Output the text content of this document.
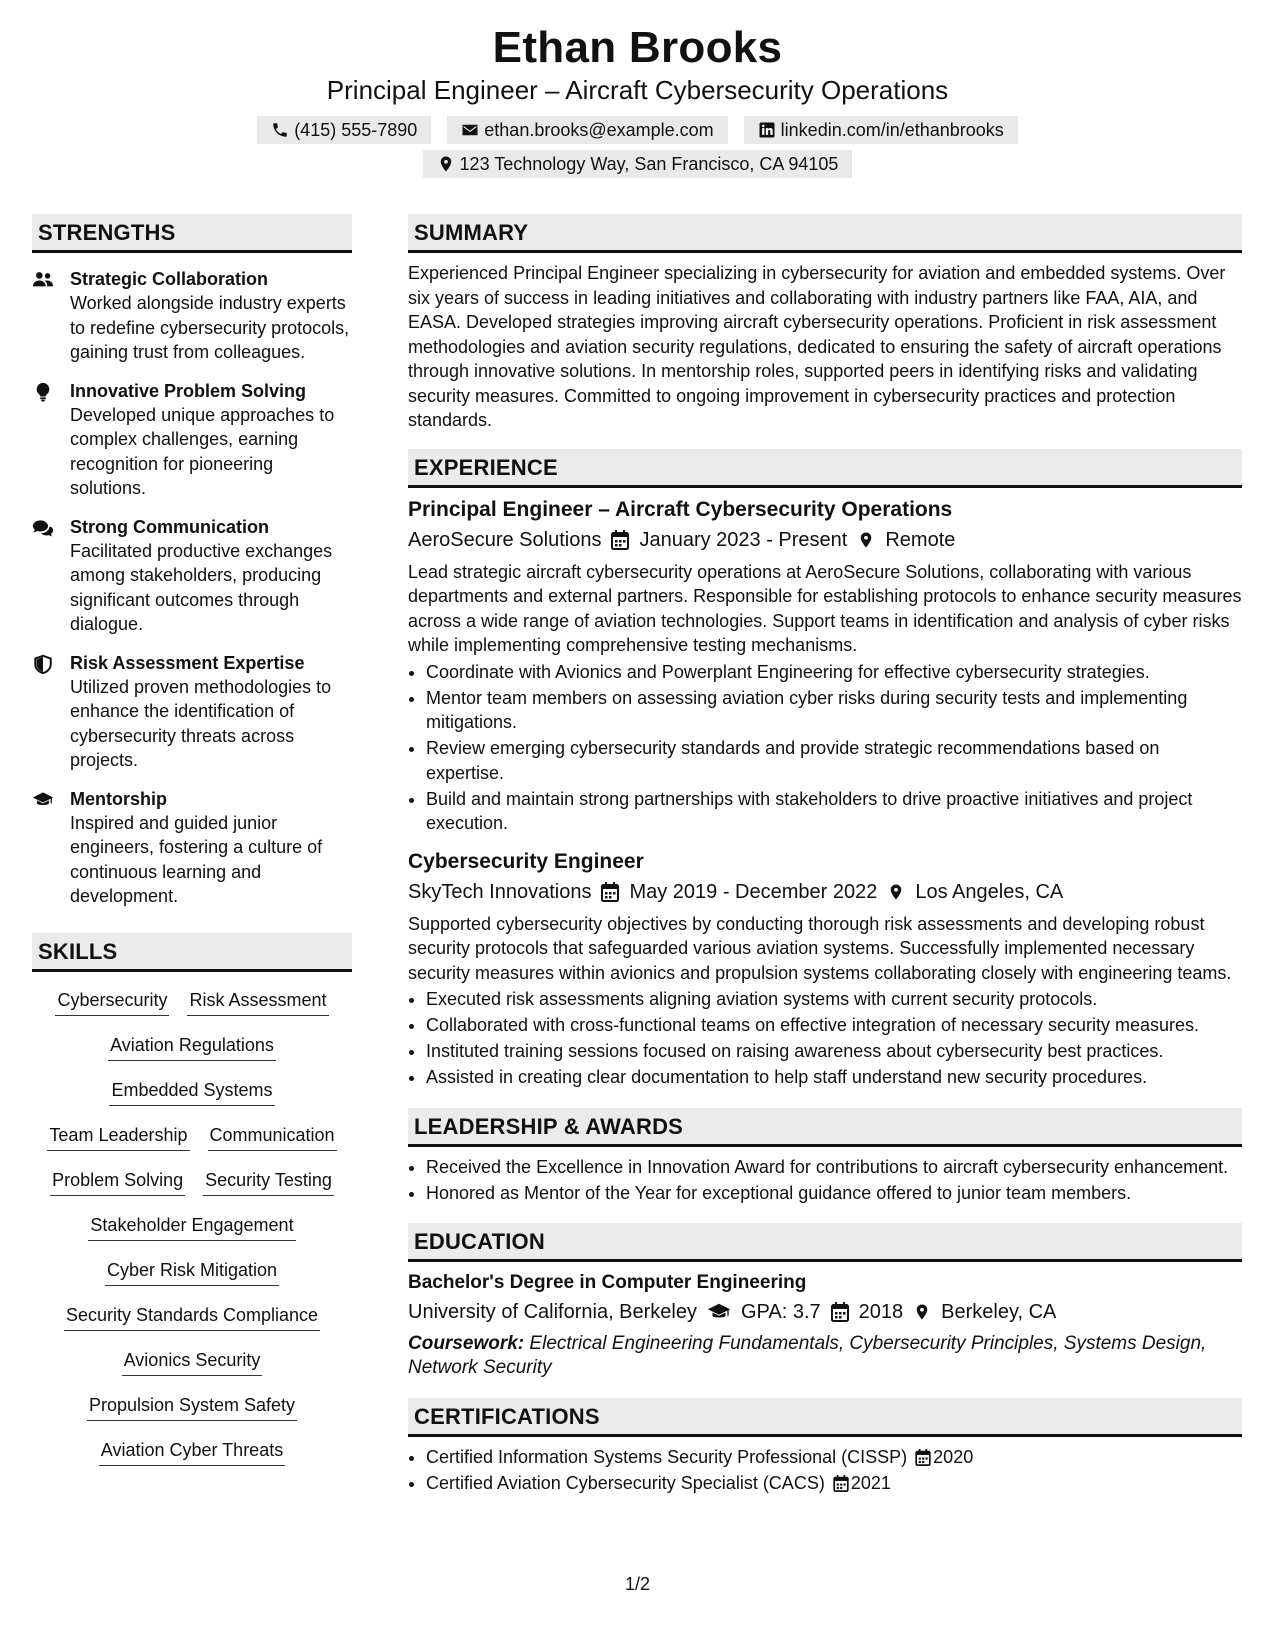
Ethan Brooks
Principal Engineer – Aircraft Cybersecurity Operations
(415) 555-7890	ethan.brooks@example.com	linkedin.com/in/ethanbrooks
123 Technology Way, San Francisco, CA 94105
STRENGTHS
Strategic Collaboration
Worked alongside industry experts to redefine cybersecurity protocols, gaining trust from colleagues.
Innovative Problem Solving
Developed unique approaches to complex challenges, earning recognition for pioneering solutions.
Strong Communication
Facilitated productive exchanges among stakeholders, producing significant outcomes through dialogue.
Risk Assessment Expertise
Utilized proven methodologies to enhance the identification of cybersecurity threats across projects.
Mentorship
Inspired and guided junior engineers, fostering a culture of continuous learning and development.
SKILLS
Cybersecurity Risk Assessment
Aviation Regulations
Embedded Systems
Team Leadership Communication
Problem Solving Security Testing
Stakeholder Engagement
Cyber Risk Mitigation
Security Standards Compliance
Avionics Security
Propulsion System Safety
Aviation Cyber Threats
SUMMARY

Experienced Principal Engineer specializing in cybersecurity for aviation and embedded systems. Over six years of success in leading initiatives and collaborating with industry partners like FAA, AIA, and EASA. Developed strategies improving aircraft cybersecurity operations. Proficient in risk assessment methodologies and aviation security regulations, dedicated to ensuring the safety of aircraft operations through innovative solutions. In mentorship roles, supported peers in identifying risks and validating security measures. Committed to ongoing improvement in cybersecurity practices and protection standards.

EXPERIENCE
Principal Engineer – Aircraft Cybersecurity Operations
AeroSecure Solutions January 2023 - Present Remote

Lead strategic aircraft cybersecurity operations at AeroSecure Solutions, collaborating with various departments and external partners. Responsible for establishing protocols to enhance security measures across a wide range of aviation technologies. Support teams in identification and analysis of cyber risks while implementing comprehensive testing mechanisms.

• Coordinate with Avionics and Powerplant Engineering for effective cybersecurity strategies.
• Mentor team members on assessing aviation cyber risks during security tests and implementing mitigations.
• Review emerging cybersecurity standards and provide strategic recommendations based on expertise.
• Build and maintain strong partnerships with stakeholders to drive proactive initiatives and project execution.
Cybersecurity Engineer
SkyTech Innovations May 2019 - December 2022 Los Angeles, CA

Supported cybersecurity objectives by conducting thorough risk assessments and developing robust security protocols that safeguarded various aviation systems. Successfully implemented necessary security measures within avionics and propulsion systems collaborating closely with engineering teams.

• Executed risk assessments aligning aviation systems with current security protocols.
• Collaborated with cross-functional teams on effective integration of necessary security measures.
• Instituted training sessions focused on raising awareness about cybersecurity best practices.
• Assisted in creating clear documentation to help staff understand new security procedures.
LEADERSHIP & AWARDS
• Received the Excellence in Innovation Award for contributions to aircraft cybersecurity enhancement.
• Honored as Mentor of the Year for exceptional guidance offered to junior team members.
EDUCATION
Bachelor's Degree in Computer Engineering
University of California, Berkeley GPA: 3.7 2018 Berkeley, CA
Coursework: Electrical Engineering Fundamentals, Cybersecurity Principles, Systems Design, Network Security
CERTIFICATIONS
• Certified Information Systems Security Professional (CISSP) 2020
• Certified Aviation Cybersecurity Specialist (CACS) 2021
1/2
